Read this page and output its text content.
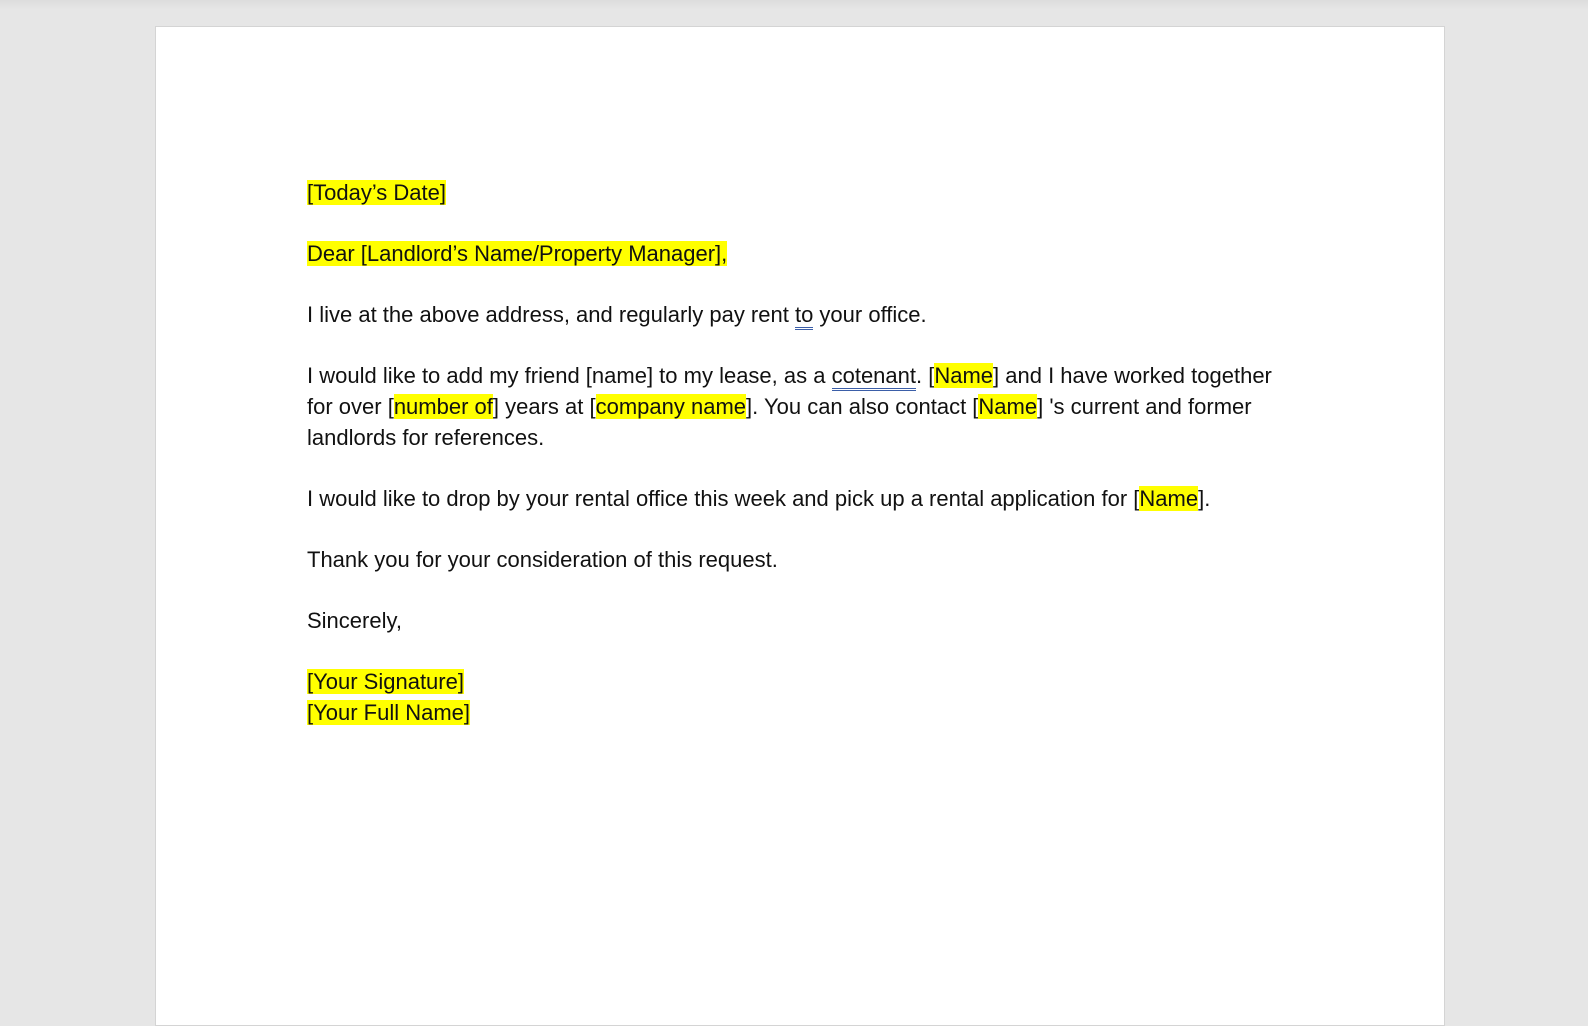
[Today’s Date]
Dear [Landlord’s Name/Property Manager],
I live at the above address, and regularly pay rent to your office.
I would like to add my friend [name] to my lease, as a cotenant. [Name] and I have worked together for over [number of] years at [company name]. You can also contact [Name] 's current and former landlords for references.
I would like to drop by your rental office this week and pick up a rental application for [Name].
Thank you for your consideration of this request.
Sincerely,
[Your Signature]
[Your Full Name]
